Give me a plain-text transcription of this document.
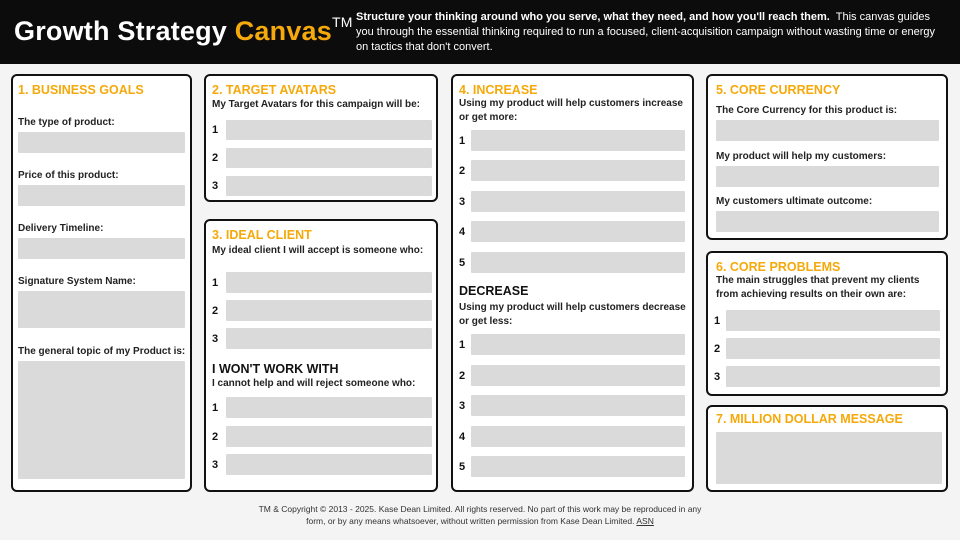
Growth Strategy Canvas™ Structure your thinking around who you serve, what they need, and how you'll reach them. This canvas guides you through the essential thinking required to run a focused, client-acquisition campaign without wasting time or energy on tactics that don't convert.
1. BUSINESS GOALS
The type of product:
Price of this product:
Delivery Timeline:
Signature System Name:
The general topic of my Product is:
2. TARGET AVATARS
My Target Avatars for this campaign will be:
1
2
3
3. IDEAL CLIENT
My ideal client I will accept is someone who:
1
2
3
I WON'T WORK WITH
I cannot help and will reject someone who:
1
2
3
4. INCREASE
Using my product will help customers increase or get more:
1
2
3
4
5
DECREASE
Using my product will help customers decrease or get less:
1
2
3
4
5
5. CORE CURRENCY
The Core Currency for this product is:
My product will help my customers:
My customers ultimate outcome:
6. CORE PROBLEMS
The main struggles that prevent my clients from achieving results on their own are:
1
2
3
7. MILLION DOLLAR MESSAGE
TM & Copyright © 2013 - 2025. Kase Dean Limited. All rights reserved. No part of this work may be reproduced in any form, or by any means whatsoever, without written permission from Kase Dean Limited. ASN
